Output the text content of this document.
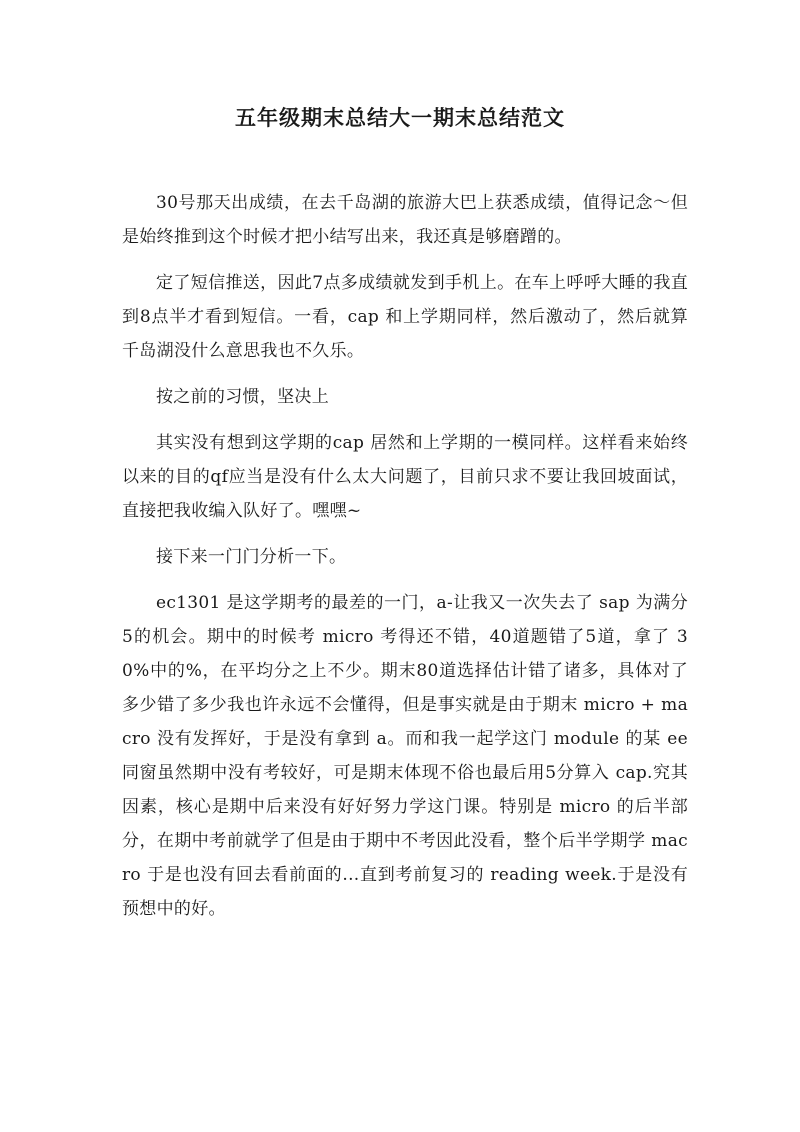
五年级期末总结大一期末总结范文

30号那天出成绩，在去千岛湖的旅游大巴上获悉成绩，值得记念～但是始终推到这个时候才把小结写出来，我还真是够磨蹭的。

定了短信推送，因此7点多成绩就发到手机上。在车上呼呼大睡的我直到8点半才看到短信。一看，cap 和上学期同样，然后激动了，然后就算千岛湖没什么意思我也不久乐。

按之前的习惯，坚决上

其实没有想到这学期的cap 居然和上学期的一模同样。这样看来始终以来的目的qf应当是没有什么太大问题了，目前只求不要让我回坡面试，直接把我收编入队好了。嘿嘿~

接下来一门门分析一下。

ec1301 是这学期考的最差的一门，a-让我又一次失去了 sap 为满分5的机会。期中的时候考 micro 考得还不错，40道题错了5道，拿了 30%中的%，在平均分之上不少。期末80道选择估计错了诸多，具体对了多少错了多少我也许永远不会懂得，但是事实就是由于期末 micro + macro 没有发挥好，于是没有拿到 a。而和我一起学这门 module 的某 ee 同窗虽然期中没有考较好，可是期末体现不俗也最后用5分算入 cap.究其因素，核心是期中后来没有好好努力学这门课。特别是 micro 的后半部分，在期中考前就学了但是由于期中不考因此没看，整个后半学期学 macro 于是也没有回去看前面的...直到考前复习的 reading week.于是没有预想中的好。
